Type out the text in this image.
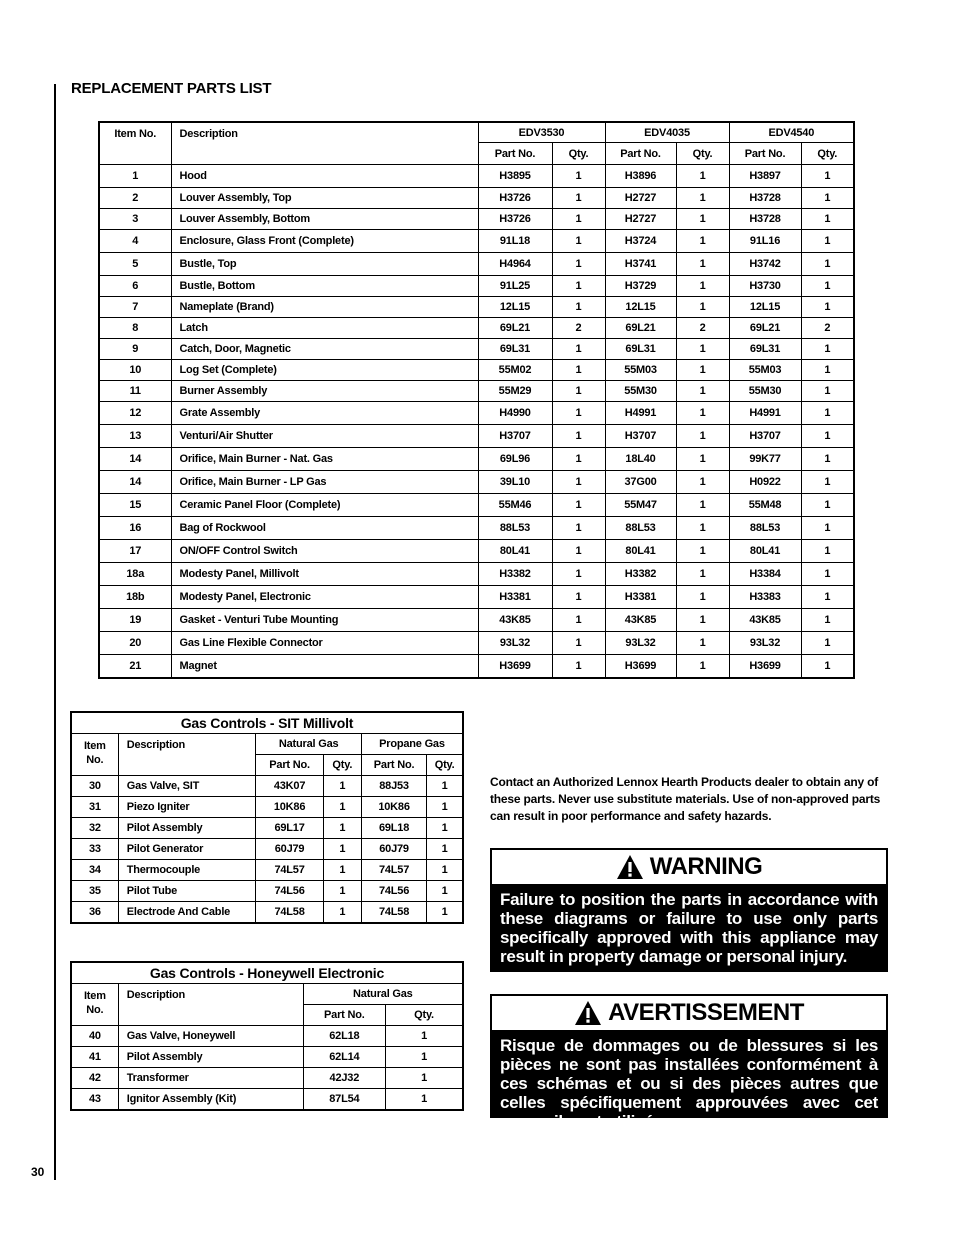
REPLACEMENT PARTS LIST
Item No.	Description	EDV3530		EDV4035		EDV4540	
		Part No.	Qty.	Part No.	Qty.	Part No.	Qty.
1	Hood	H3895	1	H3896	1	H3897	1
2	Louver Assembly, Top	H3726	1	H2727	1	H3728	1
3	Louver Assembly, Bottom	H3726	1	H2727	1	H3728	1
4	Enclosure, Glass Front (Complete)	91L18	1	H3724	1	91L16	1
5	Bustle, Top	H4964	1	H3741	1	H3742	1
6	Bustle, Bottom	91L25	1	H3729	1	H3730	1
7	Nameplate (Brand)	12L15	1	12L15	1	12L15	1
8	Latch	69L21	2	69L21	2	69L21	2
9	Catch, Door, Magnetic	69L31	1	69L31	1	69L31	1
10	Log Set (Complete)	55M02	1	55M03	1	55M03	1
11	Burner Assembly	55M29	1	55M30	1	55M30	1
12	Grate Assembly	H4990	1	H4991	1	H4991	1
13	Venturi/Air Shutter	H3707	1	H3707	1	H3707	1
14	Orifice, Main Burner - Nat. Gas	69L96	1	18L40	1	99K77	1
14	Orifice, Main Burner - LP Gas	39L10	1	37G00	1	H0922	1
15	Ceramic Panel Floor (Complete)	55M46	1	55M47	1	55M48	1
16	Bag of Rockwool	88L53	1	88L53	1	88L53	1
17	ON/OFF Control Switch	80L41	1	80L41	1	80L41	1
18a	Modesty Panel, Millivolt	H3382	1	H3382	1	H3384	1
18b	Modesty Panel, Electronic	H3381	1	H3381	1	H3383	1
19	Gasket - Venturi Tube Mounting	43K85	1	43K85	1	43K85	1
20	Gas Line Flexible Connector	93L32	1	93L32	1	93L32	1
21	Magnet	H3699	1	H3699	1	H3699	1
Gas Controls - SIT Millivolt					
Item No.	Description	Natural Gas		Propane Gas	
		Part No.	Qty.	Part No.	Qty.
30	Gas Valve, SIT	43K07	1	88J53	1
31	Piezo Igniter	10K86	1	10K86	1
32	Pilot Assembly	69L17	1	69L18	1
33	Pilot Generator	60J79	1	60J79	1
34	Thermocouple	74L57	1	74L57	1
35	Pilot Tube	74L56	1	74L56	1
36	Electrode And Cable	74L58	1	74L58	1
Gas Controls - Honeywell Electronic			
Item No.	Description	Natural Gas	
		Part No.	Qty.
40	Gas Valve, Honeywell	62L18	1
41	Pilot Assembly	62L14	1
42	Transformer	42J32	1
43	Ignitor Assembly (Kit)	87L54	1
Contact an Authorized Lennox Hearth Products dealer to obtain any of these parts. Never use substitute materials. Use of non-approved parts can result in poor performance and safety hazards.
WARNING
Failure to position the parts in accordance with these diagrams or failure to use only parts specifically approved with this appliance may result in property damage or personal injury.
AVERTISSEMENT
Risque de dommages ou de blessures si les pièces ne sont pas installées conformément à ces schémas et ou si des pièces autres que celles spécifiquement approuvées avec cet appareil sont utilisées.
30
